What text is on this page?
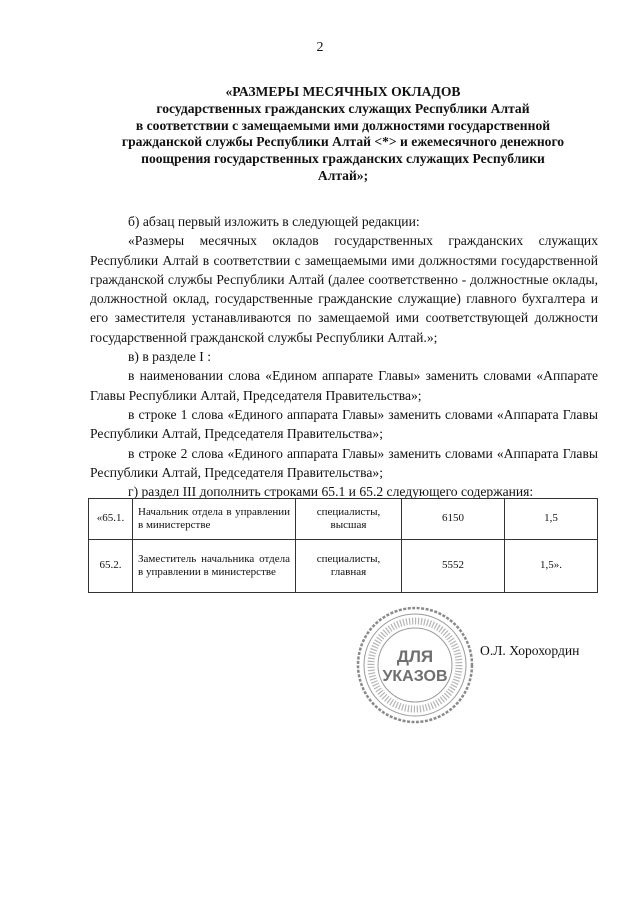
2
«РАЗМЕРЫ МЕСЯЧНЫХ ОКЛАДОВ
государственных гражданских служащих Республики Алтай
в соответствии с замещаемыми ими должностями государственной
гражданской службы Республики Алтай <*> и ежемесячного денежного
поощрения государственных гражданских служащих Республики
Алтай»;

б) абзац первый изложить в следующей редакции:

«Размеры месячных окладов государственных гражданских служащих Республики Алтай в соответствии с замещаемыми ими должностями государственной гражданской службы Республики Алтай (далее соответственно - должностные оклады, должностной оклад, государственные гражданские служащие) главного бухгалтера и его заместителя устанавливаются по замещаемой ими соответствующей должности государственной гражданской службы Республики Алтай.»;

в) в разделе I :

в наименовании слова «Едином аппарате Главы» заменить словами «Аппарате Главы Республики Алтай, Председателя Правительства»;

в строке 1 слова «Единого аппарата Главы» заменить словами «Аппарата Главы Республики Алтай, Председателя Правительства»;

в строке 2 слова «Единого аппарата Главы» заменить словами «Аппарата Главы Республики Алтай, Председателя Правительства»;

г) раздел III дополнить строками 65.1 и 65.2 следующего содержания:

«65.1.	Начальник отдела в управлении в министерстве	специалисты, высшая	6150	1,5
65.2.	Заместитель начальника отдела в управлении в министерстве	специалисты, главная	5552	1,5».
ДЛЯ
УКАЗОВ
О.Л. Хорохордин
